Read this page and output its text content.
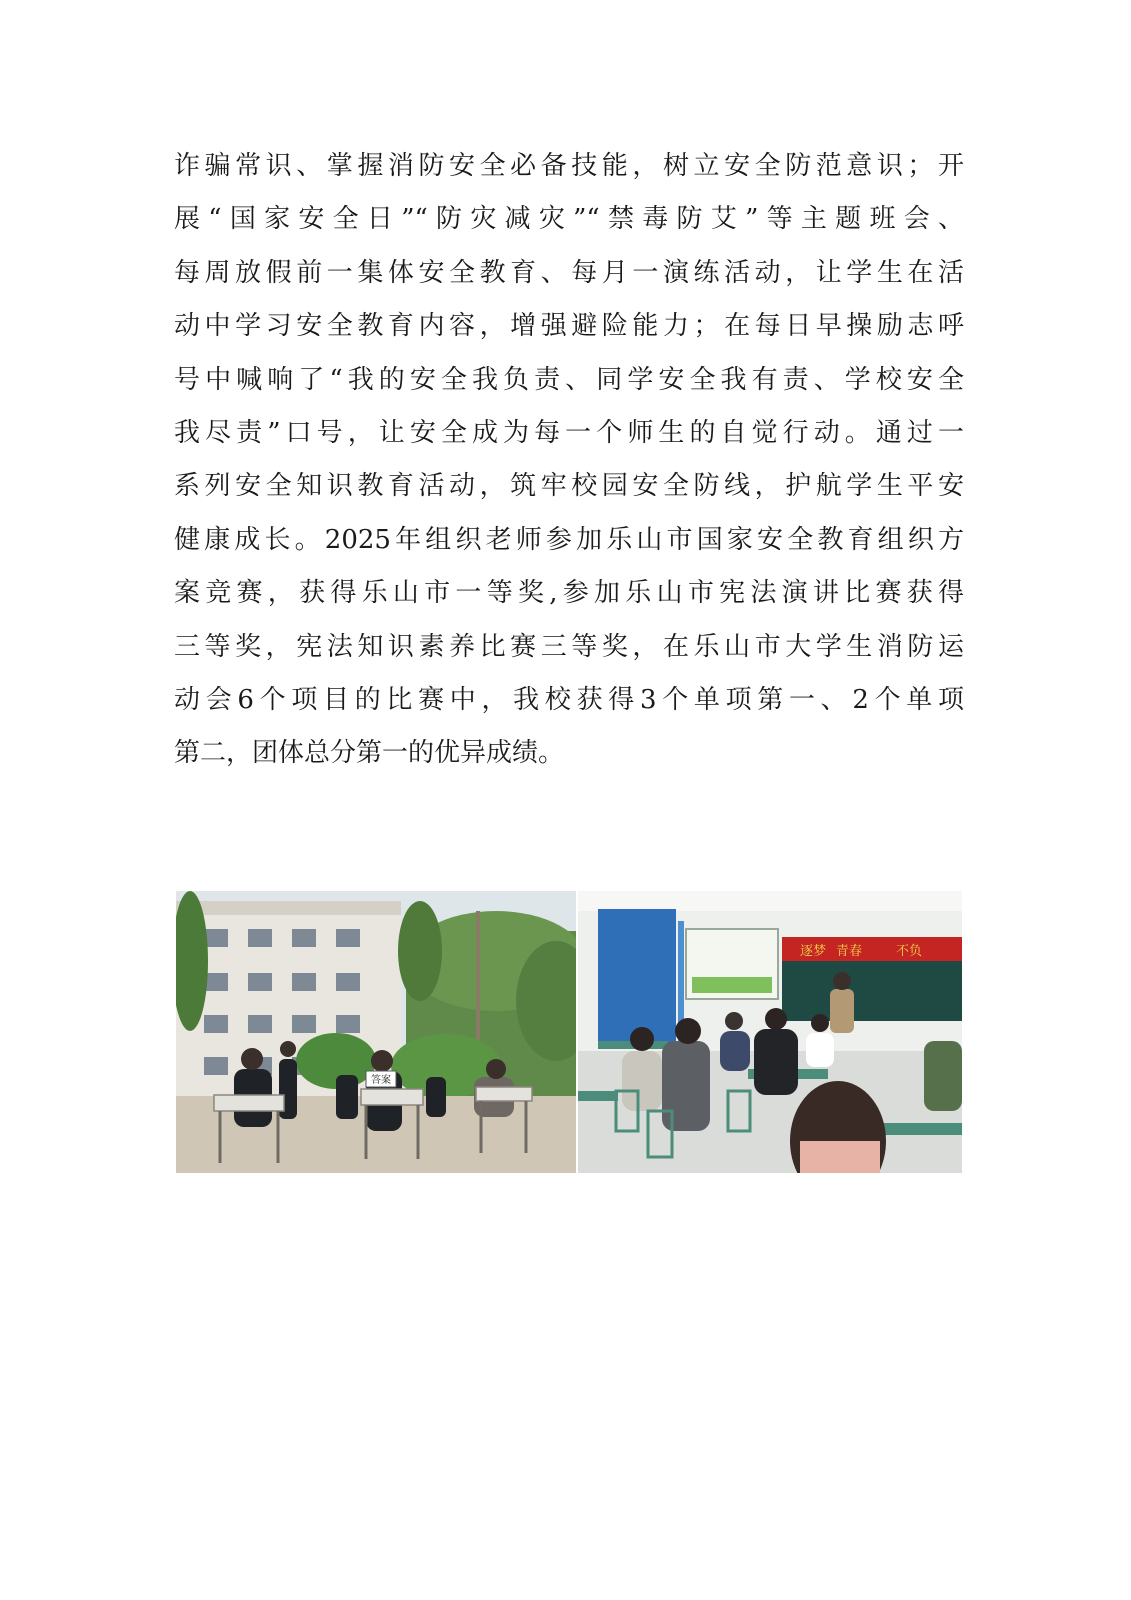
诈骗常识、掌握消防安全必备技能，树立安全防范意识；开
展“国家安全日”“防灾减灾”“禁毒防艾”等主题班会、
每周放假前一集体安全教育、每月一演练活动，让学生在活
动中学习安全教育内容，增强避险能力；在每日早操励志呼
号中喊响了“我的安全我负责、同学安全我有责、学校安全
我尽责”口号，让安全成为每一个师生的自觉行动。通过一
系列安全知识教育活动，筑牢校园安全防线，护航学生平安
健康成长。2025年组织老师参加乐山市国家安全教育组织方
案竞赛，获得乐山市一等奖,参加乐山市宪法演讲比赛获得
三等奖，宪法知识素养比赛三等奖，在乐山市大学生消防运
动会6个项目的比赛中，我校获得3个单项第一、2个单项
第二，团体总分第一的优异成绩。
答案
逐梦 青春	不负
